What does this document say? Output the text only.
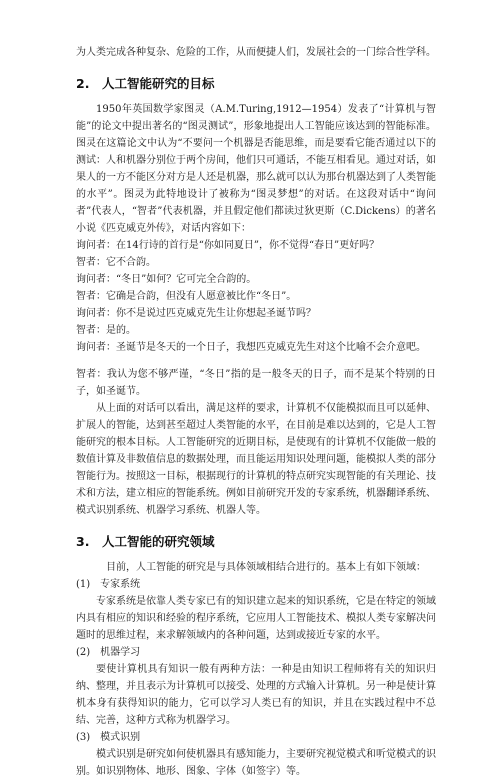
为人类完成各种复杂、危险的工作，从而便捷人们，发展社会的一门综合性学科。

2.　人工智能研究的目标

1950年英国数学家图灵（A.M.Turing,1912—1954）发表了“计算机与智能”的论文中提出著名的“图灵测试”，形象地提出人工智能应该达到的智能标准。图灵在这篇论文中认为“不要问一个机器是否能思维，而是要看它能否通过以下的测试：人和机器分别位于两个房间，他们只可通话，不能互相看见。通过对话，如果人的一方不能区分对方是人还是机器，那么就可以认为那台机器达到了人类智能的水平”。图灵为此特地设计了被称为“图灵梦想”的对话。在这段对话中“询问者”代表人，“智者”代表机器，并且假定他们都读过狄更斯（C.Dickens）的著名小说《匹克威克外传》，对话内容如下：

询问者：在14行诗的首行是“你如同夏日”，你不觉得“春日”更好吗？

智者：它不合韵。

询问者：“冬日”如何？它可完全合韵的。

智者：它确是合韵，但没有人愿意被比作“冬日”。

询问者：你不是说过匹克威克先生让你想起圣诞节吗？

智者：是的。

询问者：圣诞节是冬天的一个日子，我想匹克威克先生对这个比喻不会介意吧。

智者：我认为您不够严谨，“冬日”指的是一般冬天的日子，而不是某个特别的日子，如圣诞节。

从上面的对话可以看出，满足这样的要求，计算机不仅能模拟而且可以延伸、扩展人的智能，达到甚至超过人类智能的水平，在目前是难以达到的，它是人工智能研究的根本目标。人工智能研究的近期目标，是使现有的计算机不仅能做一般的数值计算及非数值信息的数据处理，而且能运用知识处理问题，能模拟人类的部分智能行为。按照这一目标，根据现行的计算机的特点研究实现智能的有关理论、技术和方法，建立相应的智能系统。例如目前研究开发的专家系统，机器翻译系统、模式识别系统、机器学习系统、机器人等。

3.　人工智能的研究领域

目前，人工智能的研究是与具体领域相结合进行的。基本上有如下领域：

(1)　专家系统

专家系统是依靠人类专家已有的知识建立起来的知识系统，它是在特定的领域内具有相应的知识和经验的程序系统，它应用人工智能技术、模拟人类专家解决问题时的思维过程，来求解领域内的各种问题，达到或接近专家的水平。

(2)　机器学习

要使计算机具有知识一般有两种方法：一种是由知识工程师将有关的知识归纳、整理，并且表示为计算机可以接受、处理的方式输入计算机。另一种是使计算机本身有获得知识的能力，它可以学习人类已有的知识，并且在实践过程中不总结、完善，这种方式称为机器学习。

(3)　模式识别

模式识别是研究如何使机器具有感知能力，主要研究视觉模式和听觉模式的识别。如识别物体、地形、图象、字体（如签字）等。
